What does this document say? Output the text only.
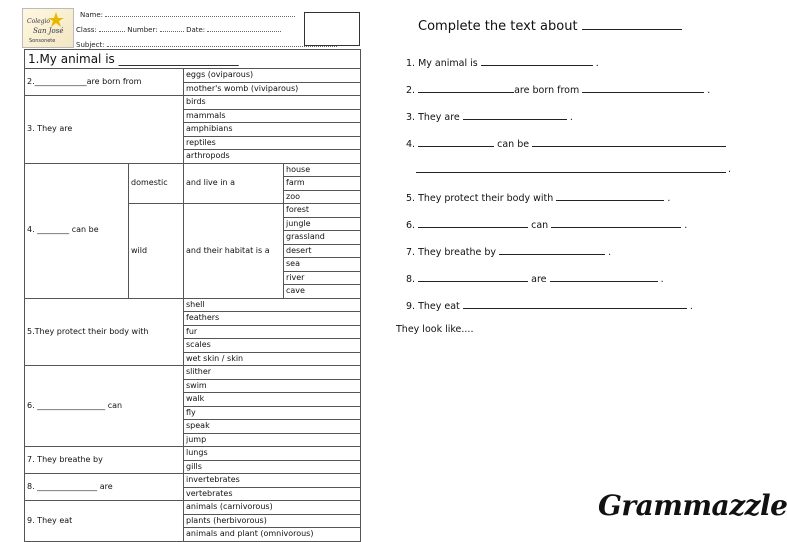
Colegio
San José
Sonsonete
Name:
Class:	Number:	Date:
Subject:
1.My animal is ____________________			
2._____________are born from		eggs (oviparous)	
		mother's womb (viviparous)	
3. They are		birds	
		mammals	
		amphibians	
		reptiles	
		arthropods	
4. ________ can be	domestic	and live in a	house
			farm
			zoo
	wild	and their habitat is a	forest
			jungle
			grassland
			desert
			sea
			river
			cave
5.They protect their body with		shell	
		feathers	
		fur	
		scales	
		wet skin / skin	
6. _________________ can		slither	
		swim	
		walk	
		fly	
		speak	
		jump	
7. They breathe by		lungs	
		gills	
8. _______________ are		invertebrates	
		vertebrates	
9. They eat		animals (carnivorous)	
		plants (herbivorous)	
		animals and plant (omnivorous)	
Complete the text about
1. My animal is	.
2.	are born from	.
3. They are	.
4.	can be
.
5. They protect their body with	.
6.	can	.
7. They breathe by	.
8.	are	.
9. They eat	.
They look like....
Grammazzle
